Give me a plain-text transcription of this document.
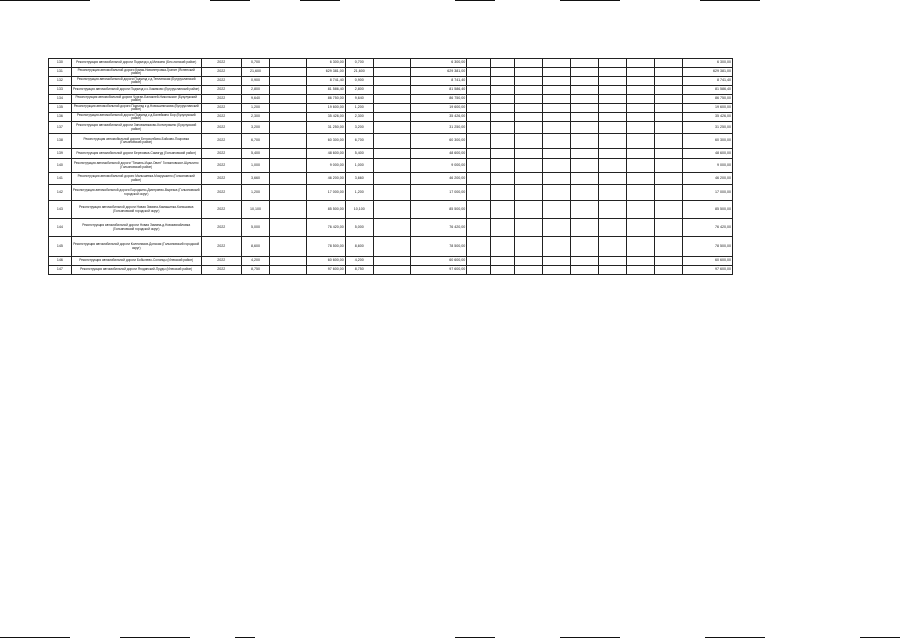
130	Реконструкция автомобильной дороги Подъезд к д.Мичкино (Бес-понский район)	2022	0,700		6 300,00	0,700		6 300,00									6 300,00
131	Реконструкция автомобильной дороги Кумак-Новопетровка-Гранит (Ясненский район)	2022	21,600		629 381,00	21,600		629 381,00									629 381,00
132	Реконструкция автомобильной дороги Подъезд к д.Теплинская (Бугурусланский район)	2022	0,900		8 741,40	0,900		8 741,40									8 741,40
133	Реконструкция автомобильной дороги Подъезд к с.Хакимово (Бугурусланский район)	2022	2,800		81 586,40	2,800		81 586,40									81 586,40
134	Реконструкция автомобильной дороги Чурган-Балаклей-Никольское (Бузулукский район)	2022	9,640		86 750,00	9,640		86 750,00									86 750,00
135	Реконструкция автомобильной дороги Подъезд к д.Новошипичкова (Бугурусланский район)	2022	1,200		19 600,00	1,200		19 600,00									19 600,00
136	Реконструкция автомобильной дороги Подъезд к д.Балейкино Бор (Бузулукский район)	2022	2,300		35 426,00	2,300		35 426,00									35 426,00
137	Реконструкция автомобильной дороги Зиновьевкаово-Колчерякино (Бузулукский район)	2022	3,200		31 250,00	3,200		31 250,00									31 250,00
138	Реконструкция автомобильной дороги Белохолбово-Бойково-Покровка (Гольяновский район)	2022	6,700		60 300,00	6,700		60 300,00									60 300,00
139	Реконструкция автомобильной дороги Березовка-Самогуд (Гольяновский район)	2022	5,400		48 600,00	5,400		48 600,00									48 600,00
140	Реконструкция автомобильной дороги "Тимань-Ицки-Овин" Гольяновское-Шульгино (Гольяновский район)	2022	1,000		9 000,00	1,000		9 000,00									9 000,00
141	Реконструкция автомобильной дороги Малышевка-Мокрушкино (Гольяновский район)	2022	3,660		46 200,00	3,660		46 200,00									46 200,00
142	Реконструкция автомобильной дороги Бородкино-Дмитриево-Вырезка (Гольяновский городской округ)	2022	1,200		17 000,00	1,200		17 000,00									17 000,00
143	Реконструкция автомобильной дороги Новая Зимина-Камашинка-Коняшовка (Гольяновский городской округ)	2022	10,100		85 500,00	10,100		85 500,00									85 500,00
144	Реконструкция автомобильной дороги Новая Зимина-д.Новомихайловка (Гольяновский городской округ)	2022	5,000		76 420,00	5,000		76 420,00									76 420,00
145	Реконструкция автомобильной дороги Колесников-Донская (Гольяновский городской округ)	2022	8,600		78 500,00	8,600		78 500,00									78 500,00
146	Реконструкция автомобильной дороги Бобылево-Солонцы (Илекский район)	2022	4,200		60 600,00	4,200		60 600,00									60 600,00
147	Реконструкция автомобильной дороги Ягодинский-Пруды (Илекский район)	2022	8,750		97 600,00	8,750		97 600,00									97 600,00
